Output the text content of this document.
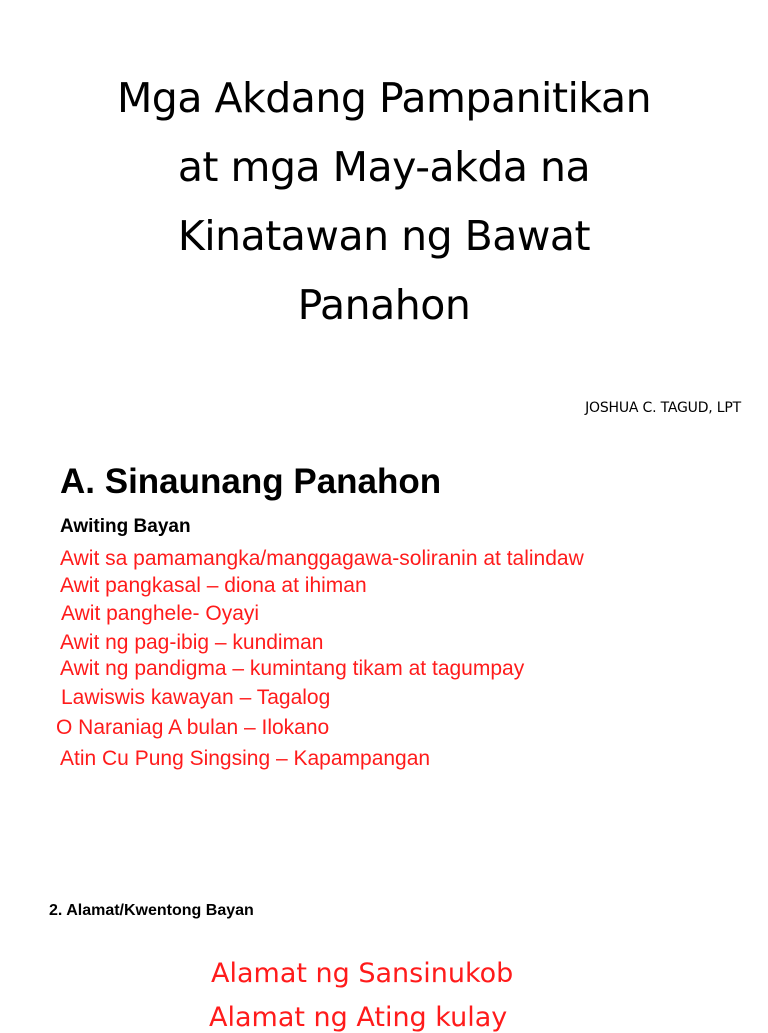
Mga Akdang Pampanitikan
at mga May-akda na
Kinatawan ng Bawat
Panahon
JOSHUA C. TAGUD, LPT
A. Sinaunang Panahon
Awiting Bayan
Awit sa pamamangka/manggagawa-soliranin at talindaw
Awit pangkasal – diona at ihiman
Awit panghele- Oyayi
Awit ng pag-ibig – kundiman
Awit ng pandigma – kumintang tikam at tagumpay
Lawiswis kawayan – Tagalog
O Naraniag A bulan – Ilokano
Atin Cu Pung Singsing – Kapampangan
2. Alamat/Kwentong Bayan
Alamat ng Sansinukob
Alamat ng Ating kulay
